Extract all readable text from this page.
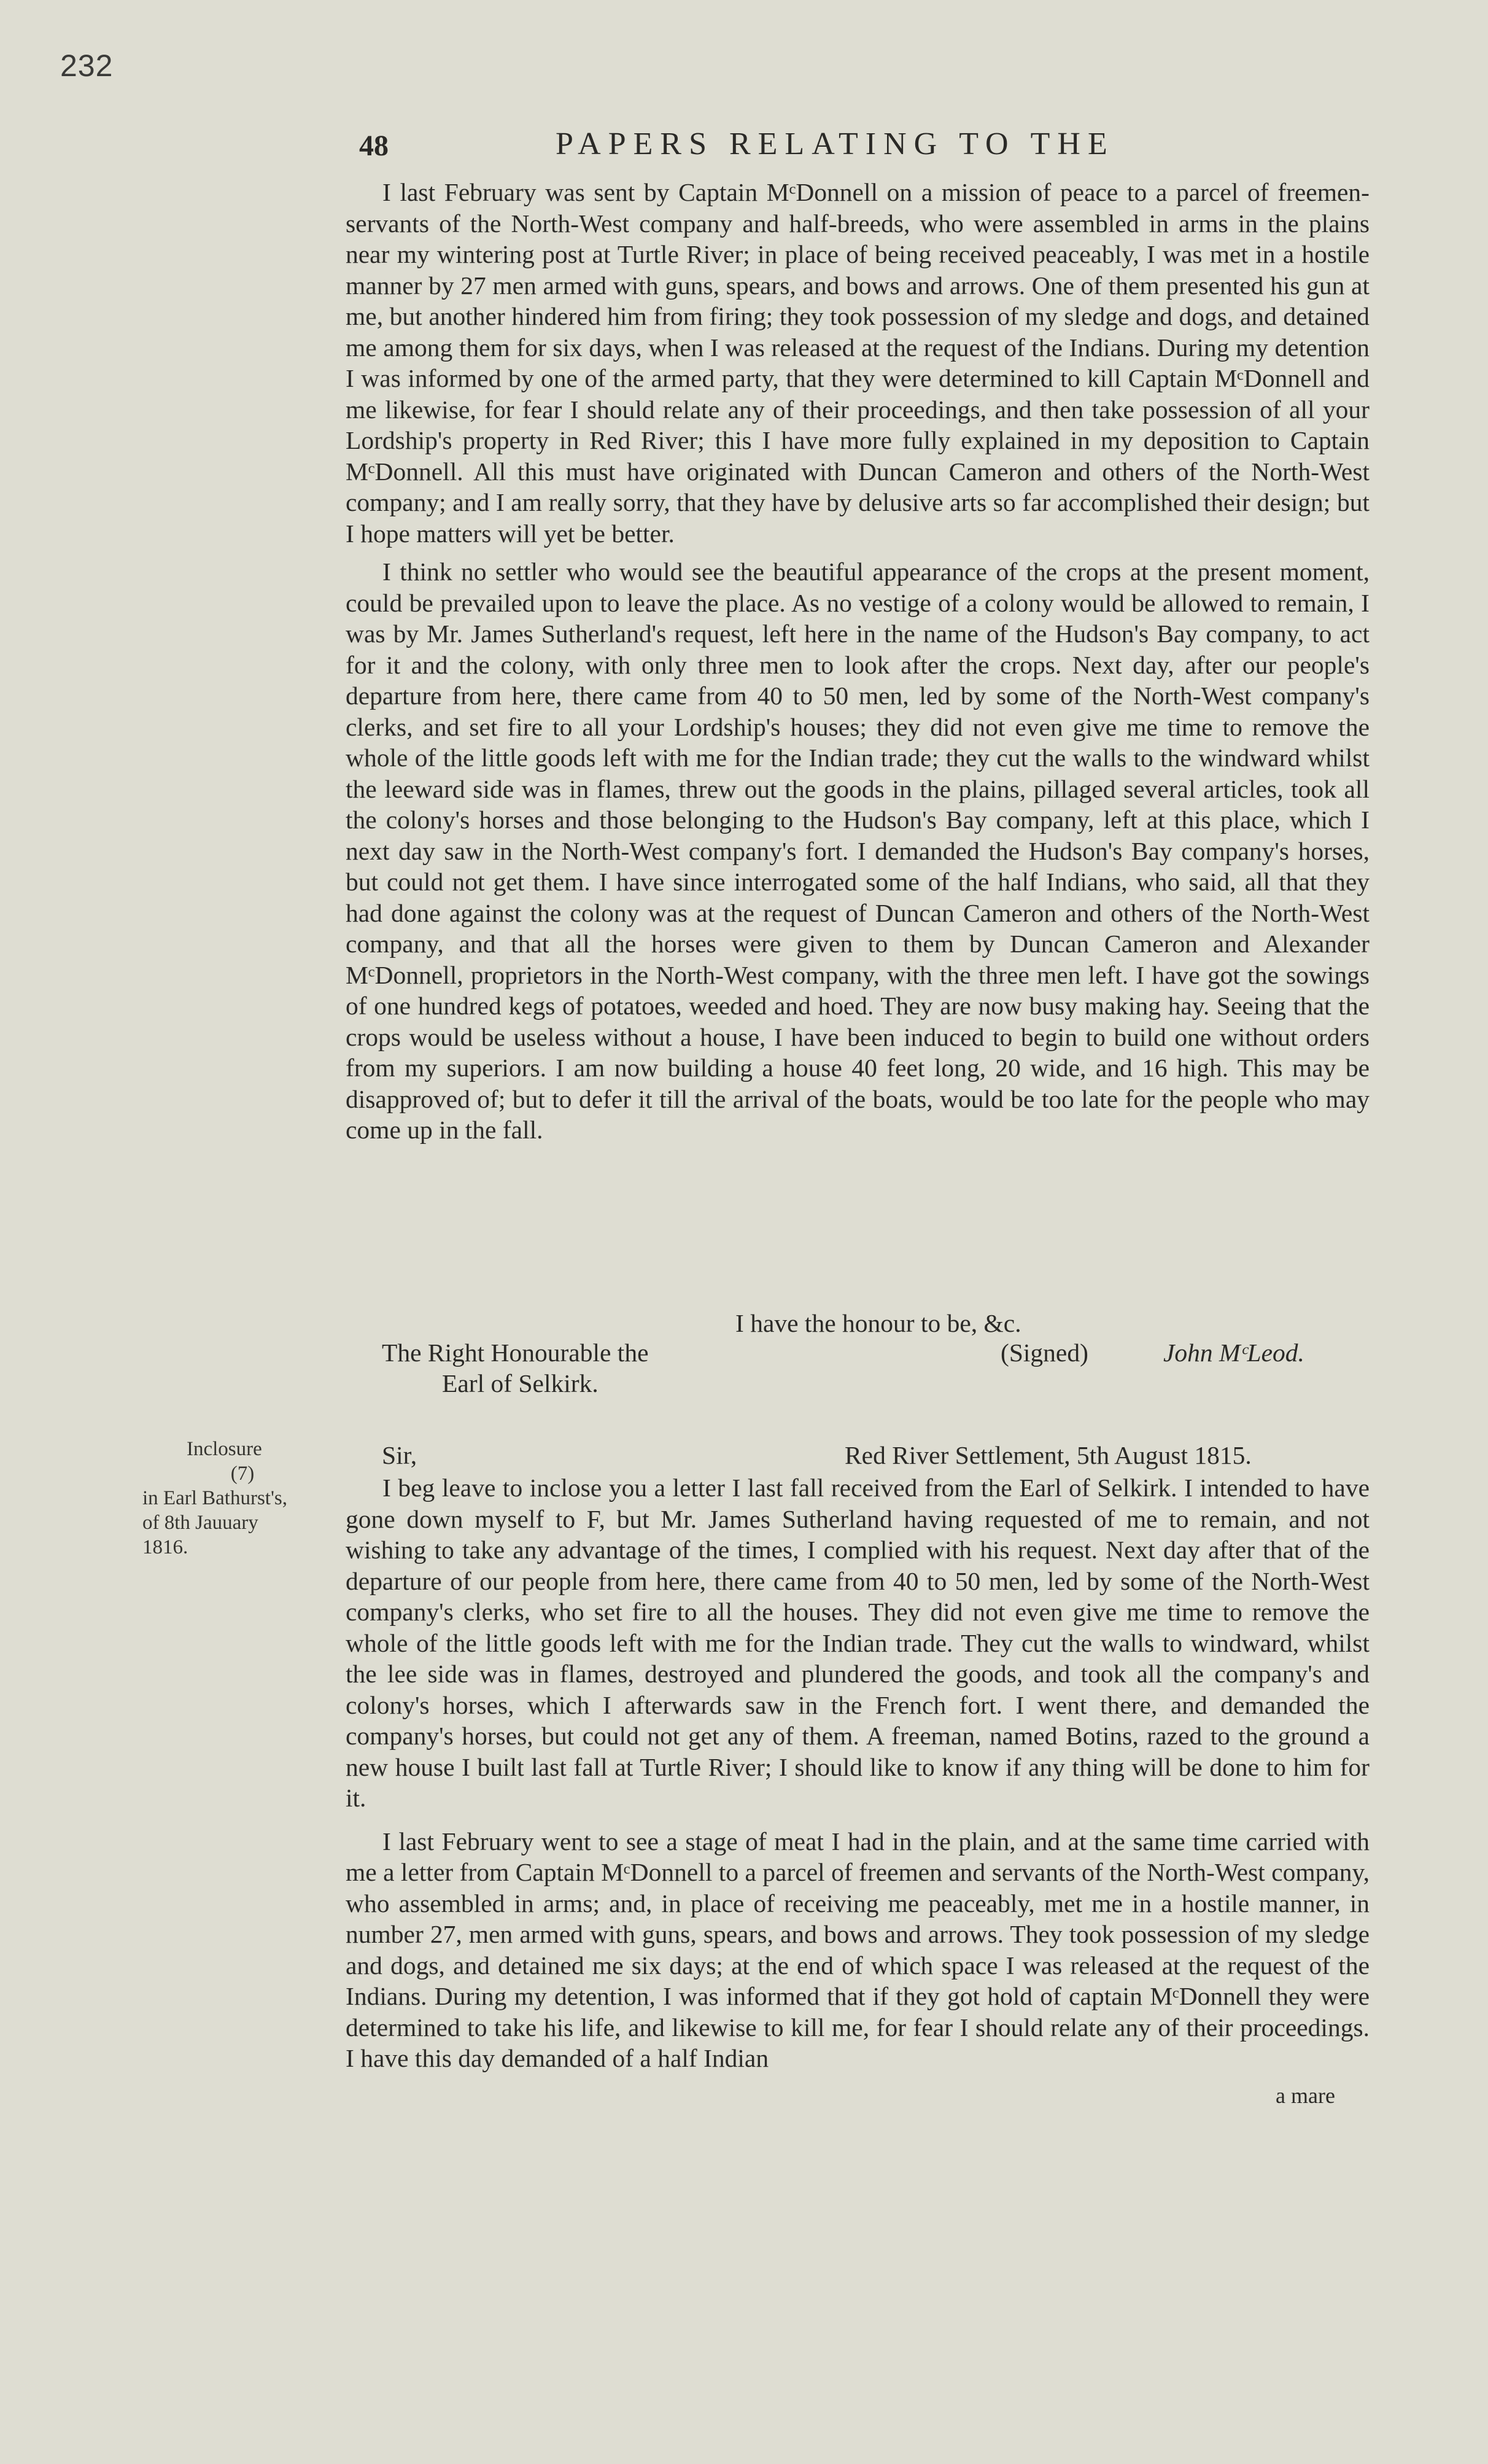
232
48	PAPERS RELATING TO THE

I last February was sent by Captain MᶜDonnell on a mission of peace to a parcel of freemen-servants of the North-West company and half-breeds, who were assembled in arms in the plains near my wintering post at Turtle River; in place of being received peaceably, I was met in a hostile manner by 27 men armed with guns, spears, and bows and arrows. One of them presented his gun at me, but another hindered him from firing; they took possession of my sledge and dogs, and detained me among them for six days, when I was released at the request of the Indians. During my detention I was informed by one of the armed party, that they were determined to kill Captain MᶜDonnell and me likewise, for fear I should relate any of their proceedings, and then take possession of all your Lordship's property in Red River; this I have more fully explained in my deposition to Captain MᶜDonnell. All this must have originated with Duncan Cameron and others of the North-West company; and I am really sorry, that they have by delusive arts so far accomplished their design; but I hope matters will yet be better.

I think no settler who would see the beautiful appearance of the crops at the present moment, could be prevailed upon to leave the place. As no vestige of a colony would be allowed to remain, I was by Mr. James Sutherland's request, left here in the name of the Hudson's Bay company, to act for it and the colony, with only three men to look after the crops. Next day, after our people's departure from here, there came from 40 to 50 men, led by some of the North-West company's clerks, and set fire to all your Lordship's houses; they did not even give me time to remove the whole of the little goods left with me for the Indian trade; they cut the walls to the windward whilst the leeward side was in flames, threw out the goods in the plains, pillaged several articles, took all the colony's horses and those belonging to the Hudson's Bay company, left at this place, which I next day saw in the North-West company's fort. I demanded the Hudson's Bay company's horses, but could not get them. I have since interrogated some of the half Indians, who said, all that they had done against the colony was at the request of Duncan Cameron and others of the North-West company, and that all the horses were given to them by Duncan Cameron and Alexander MᶜDonnell, proprietors in the North-West company, with the three men left. I have got the sowings of one hundred kegs of potatoes, weeded and hoed. They are now busy making hay. Seeing that the crops would be useless without a house, I have been induced to begin to build one without orders from my superiors. I am now building a house 40 feet long, 20 wide, and 16 high. This may be disapproved of; but to defer it till the arrival of the boats, would be too late for the people who may come up in the fall.

I have the honour to be, &c.
The Right Honourable the	(Signed)	John MᶜLeod.
Earl of Selkirk.
Inclosure
(7)
in Earl Bathurst's,
of 8th Jauuary
1816.
Sir,	Red River Settlement, 5th August 1815.

I beg leave to inclose you a letter I last fall received from the Earl of Selkirk. I intended to have gone down myself to F, but Mr. James Sutherland having requested of me to remain, and not wishing to take any advantage of the times, I complied with his request. Next day after that of the departure of our people from here, there came from 40 to 50 men, led by some of the North-West company's clerks, who set fire to all the houses. They did not even give me time to remove the whole of the little goods left with me for the Indian trade. They cut the walls to windward, whilst the lee side was in flames, destroyed and plundered the goods, and took all the company's and colony's horses, which I afterwards saw in the French fort. I went there, and demanded the company's horses, but could not get any of them. A freeman, named Botins, razed to the ground a new house I built last fall at Turtle River; I should like to know if any thing will be done to him for it.

I last February went to see a stage of meat I had in the plain, and at the same time carried with me a letter from Captain MᶜDonnell to a parcel of freemen and servants of the North-West company, who assembled in arms; and, in place of receiving me peaceably, met me in a hostile manner, in number 27, men armed with guns, spears, and bows and arrows. They took possession of my sledge and dogs, and detained me six days; at the end of which space I was released at the request of the Indians. During my detention, I was informed that if they got hold of captain MᶜDonnell they were determined to take his life, and likewise to kill me, for fear I should relate any of their proceedings. I have this day demanded of a half Indian

a mare
